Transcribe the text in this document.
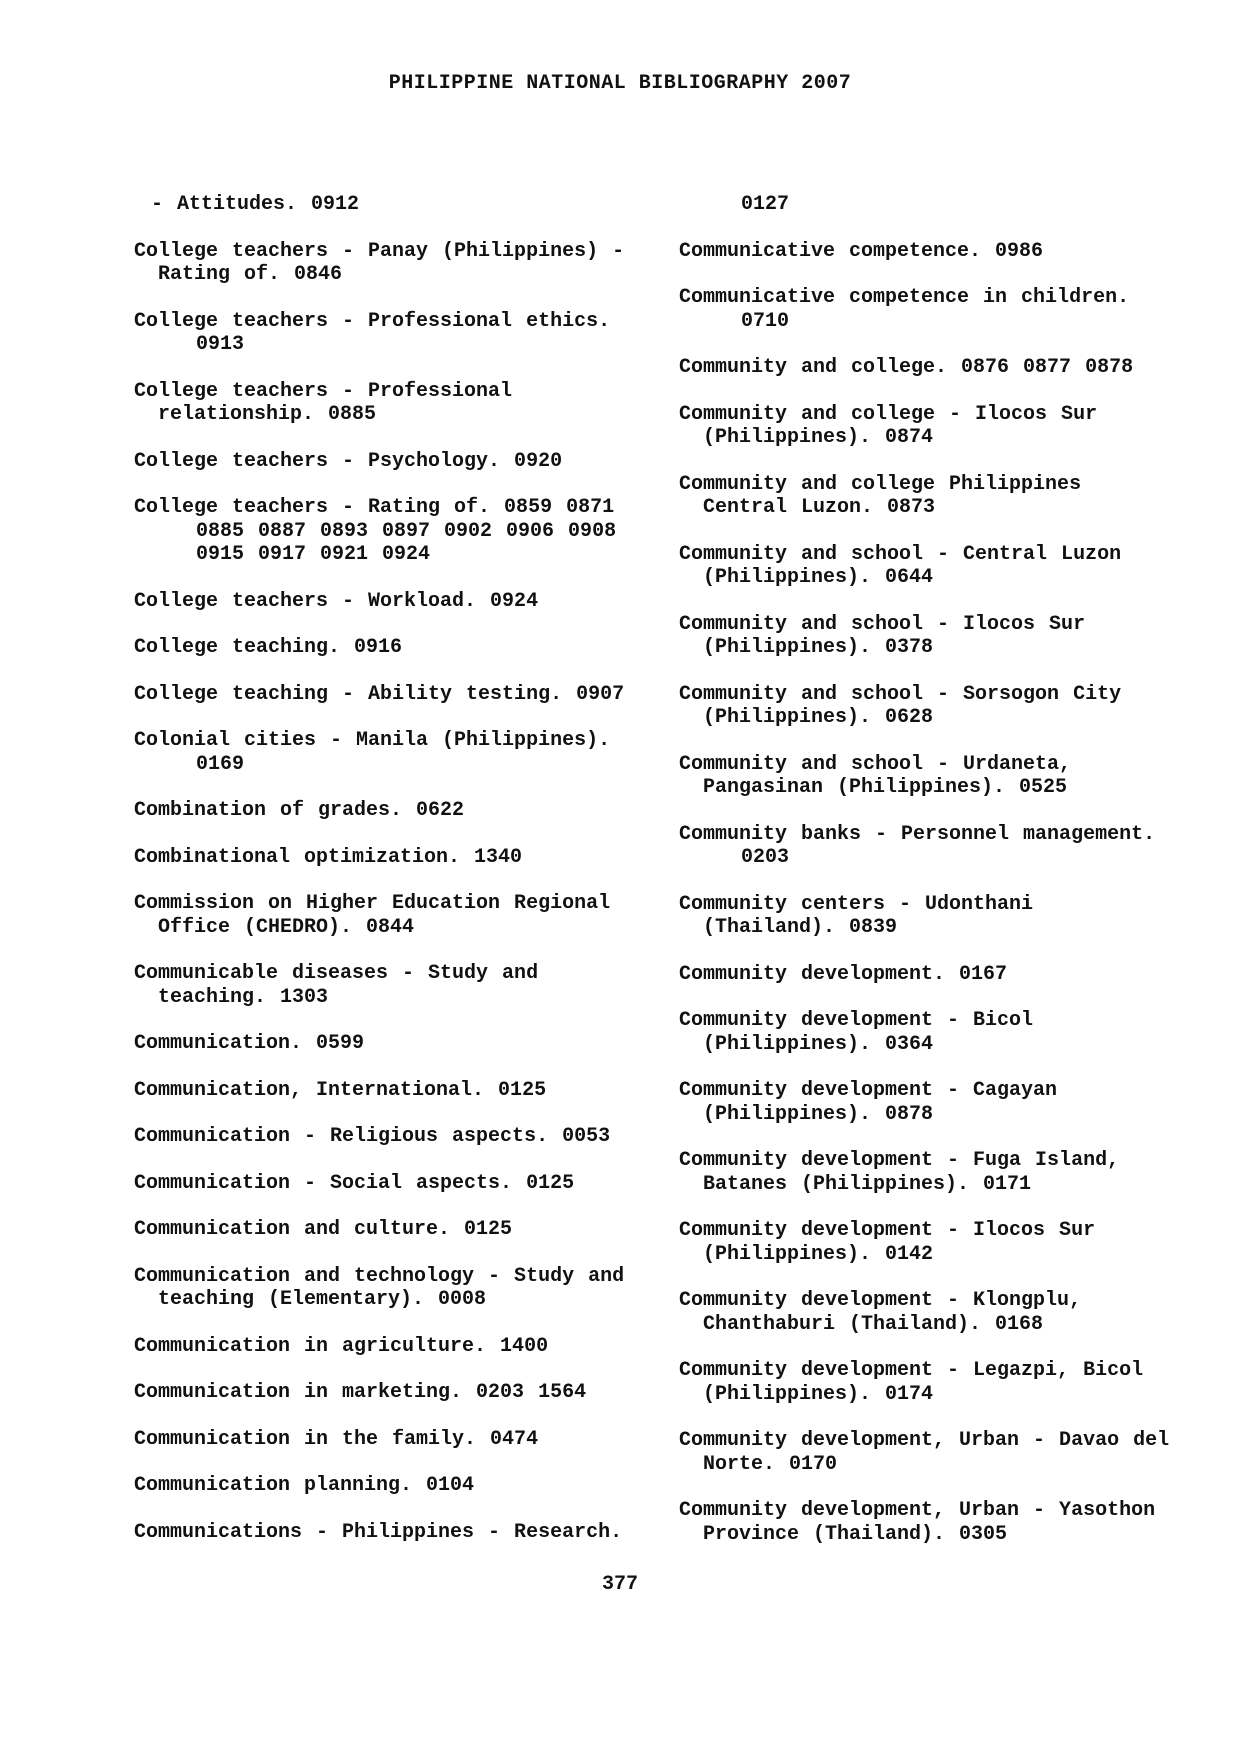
PHILIPPINE NATIONAL BIBLIOGRAPHY 2007
- Attitudes. 0912
College teachers - Panay (Philippines) -
Rating of. 0846
College teachers - Professional ethics.
0913
College teachers - Professional
relationship. 0885
College teachers - Psychology. 0920
College teachers - Rating of. 0859 0871
0885 0887 0893 0897 0902 0906 0908
0915 0917 0921 0924
College teachers - Workload. 0924
College teaching. 0916
College teaching - Ability testing. 0907
Colonial cities - Manila (Philippines).
0169
Combination of grades. 0622
Combinational optimization. 1340
Commission on Higher Education Regional
Office (CHEDRO). 0844
Communicable diseases - Study and
teaching. 1303
Communication. 0599
Communication, International. 0125
Communication - Religious aspects. 0053
Communication - Social aspects. 0125
Communication and culture. 0125
Communication and technology - Study and
teaching (Elementary). 0008
Communication in agriculture. 1400
Communication in marketing. 0203 1564
Communication in the family. 0474
Communication planning. 0104
Communications - Philippines - Research.
0127
Communicative competence. 0986
Communicative competence in children.
0710
Community and college. 0876 0877 0878
Community and college - Ilocos Sur
(Philippines). 0874
Community and college Philippines
Central Luzon. 0873
Community and school - Central Luzon
(Philippines). 0644
Community and school - Ilocos Sur
(Philippines). 0378
Community and school - Sorsogon City
(Philippines). 0628
Community and school - Urdaneta,
Pangasinan (Philippines). 0525
Community banks - Personnel management.
0203
Community centers - Udonthani
(Thailand). 0839
Community development. 0167
Community development - Bicol
(Philippines). 0364
Community development - Cagayan
(Philippines). 0878
Community development - Fuga Island,
Batanes (Philippines). 0171
Community development - Ilocos Sur
(Philippines). 0142
Community development - Klongplu,
Chanthaburi (Thailand). 0168
Community development - Legazpi, Bicol
(Philippines). 0174
Community development, Urban - Davao del
Norte. 0170
Community development, Urban - Yasothon
Province (Thailand). 0305
377
